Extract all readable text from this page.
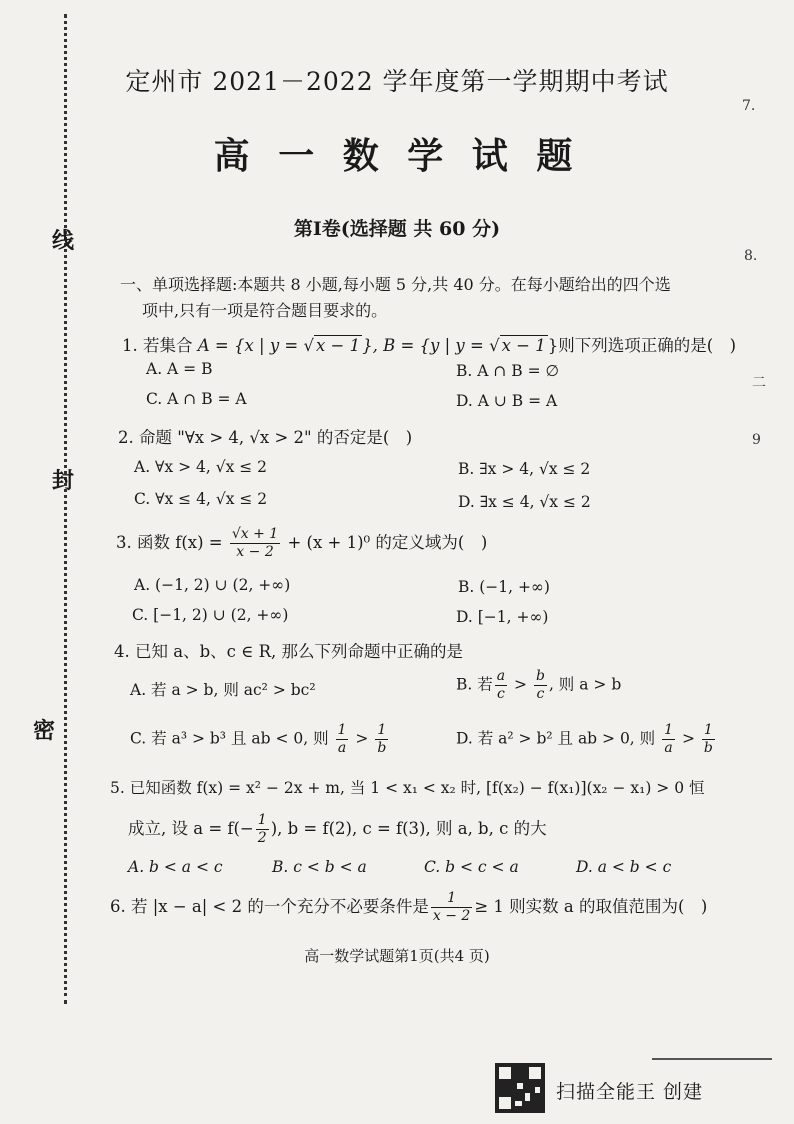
线
封
密
7.
8.
二
9
定州市 2021－2022 学年度第一学期期中考试
高 一 数 学 试 题
第Ⅰ卷(选择题 共 60 分)
一、单项选择题:本题共 8 小题,每小题 5 分,共 40 分。在每小题给出的四个选
项中,只有一项是符合题目要求的。
1. 若集合 A = {x | y = √ x − 1 }, B = {y | y = √ x − 1 }则下列选项正确的是(　)
A. A = B	B. A ∩ B = ∅
C. A ∩ B = A	D. A ∪ B = A
2. 命题 "∀x > 4, √x > 2" 的否定是(　)
A. ∀x > 4, √x ≤ 2	B. ∃x > 4, √x ≤ 2
C. ∀x ≤ 4, √x ≤ 2	D. ∃x ≤ 4, √x ≤ 2
3. 函数 $f(x) = \frac{√x + 1}{x - 2} + (x + 1)^0$ 的定义域为(　)
A. (−1, 2) ∪ (2, +∞)	B. (−1, +∞)
C. [−1, 2) ∪ (2, +∞)	D. [−1, +∞)
4. 已知 a、b、c ∈ R, 那么下列命题中正确的是
A. 若 a > b, 则 ac² > bc²	B. 若 $\frac{a}{c} > \frac{b}{c}$ , 则 a > b
C. 若 a³ > b³ 且 ab < 0, 则 $\frac{1}{a} > \frac{1}{b}$	D. 若 a² > b² 且 ab > 0, 则 $\frac{1}{a} > \frac{1}{b}$
5. 已知函数 f(x) = x² − 2x + m, 当 1 < x₁ < x₂ 时, [f(x₂) − f(x₁)](x₂ − x₁) > 0 恒
成立, 设 $a = f(- \frac{1}{2}$ ), b = f(2), c = f(3), 则 a, b, c 的大
A. b < a < c	B. c < b < a	C. b < c < a	D. a < b < c
6. 若 |x − a| < 2 的一个充分不必要条件是 $\frac{1}{x - 2} \ge 1$ 则实数 a 的取值范围为(　)
高一数学试题第1页(共4 页)
扫描全能王 创建
